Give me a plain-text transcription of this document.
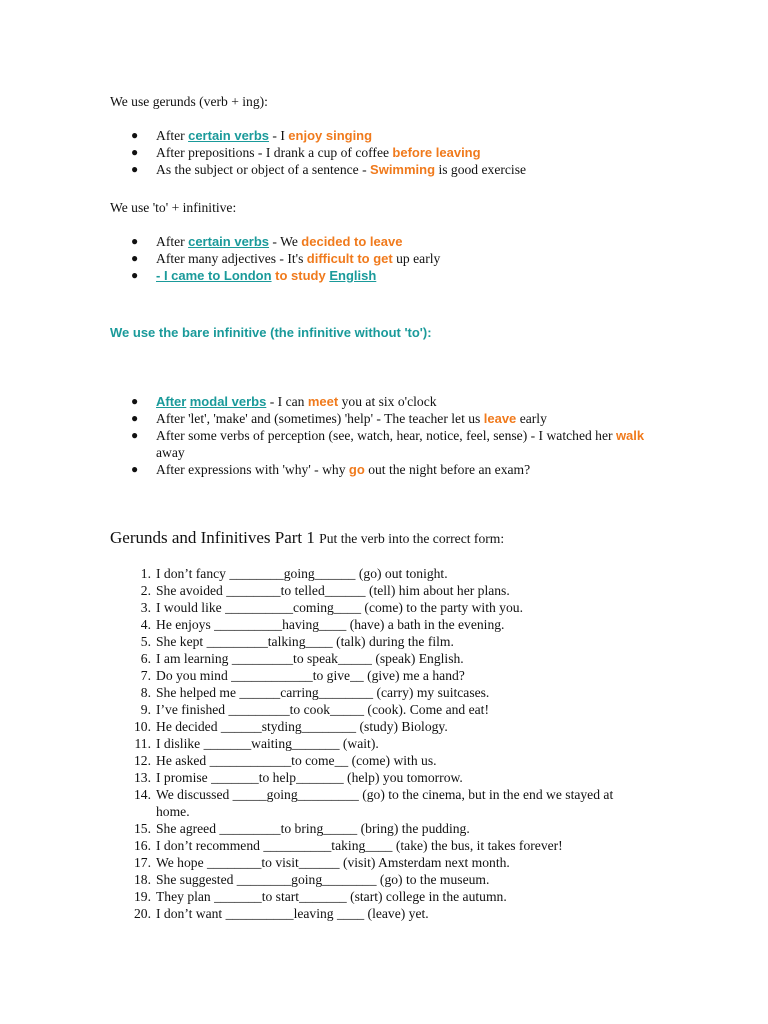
We use gerunds (verb + ing):

● After certain verbs - I enjoy singing
● After prepositions - I drank a cup of coffee before leaving
● As the subject or object of a sentence - Swimming is good exercise

We use 'to' + infinitive:

● After certain verbs - We decided to leave
● After many adjectives - It's difficult to get up early
● - I came to London to study English

We use the bare infinitive (the infinitive without 'to'):

● After modal verbs - I can meet you at six o'clock
● After 'let', 'make' and (sometimes) 'help' - The teacher let us leave early
● After some verbs of perception (see, watch, hear, notice, feel, sense) - I watched her walk away
● After expressions with 'why' - why go out the night before an exam?

Gerunds and Infinitives Part 1 Put the verb into the correct form:

1. I don’t fancy ________going______ (go) out tonight.
2. She avoided ________to telled______ (tell) him about her plans.
3. I would like __________coming____ (come) to the party with you.
4. He enjoys __________having____ (have) a bath in the evening.
5. She kept _________talking____ (talk) during the film.
6. I am learning _________to speak_____ (speak) English.
7. Do you mind ____________to give__ (give) me a hand?
8. She helped me ______carring________ (carry) my suitcases.
9. I’ve finished _________to cook_____ (cook). Come and eat!
10. He decided ______styding________ (study) Biology.
11. I dislike _______waiting_______ (wait).
12. He asked ____________to come__ (come) with us.
13. I promise _______to help_______ (help) you tomorrow.
14. We discussed _____going_________ (go) to the cinema, but in the end we stayed at home.
15. She agreed _________to bring_____ (bring) the pudding.
16. I don’t recommend __________taking____ (take) the bus, it takes forever!
17. We hope ________to visit______ (visit) Amsterdam next month.
18. She suggested ________going________ (go) to the museum.
19. They plan _______to start_______ (start) college in the autumn.
20. I don’t want __________leaving ____ (leave) yet.
